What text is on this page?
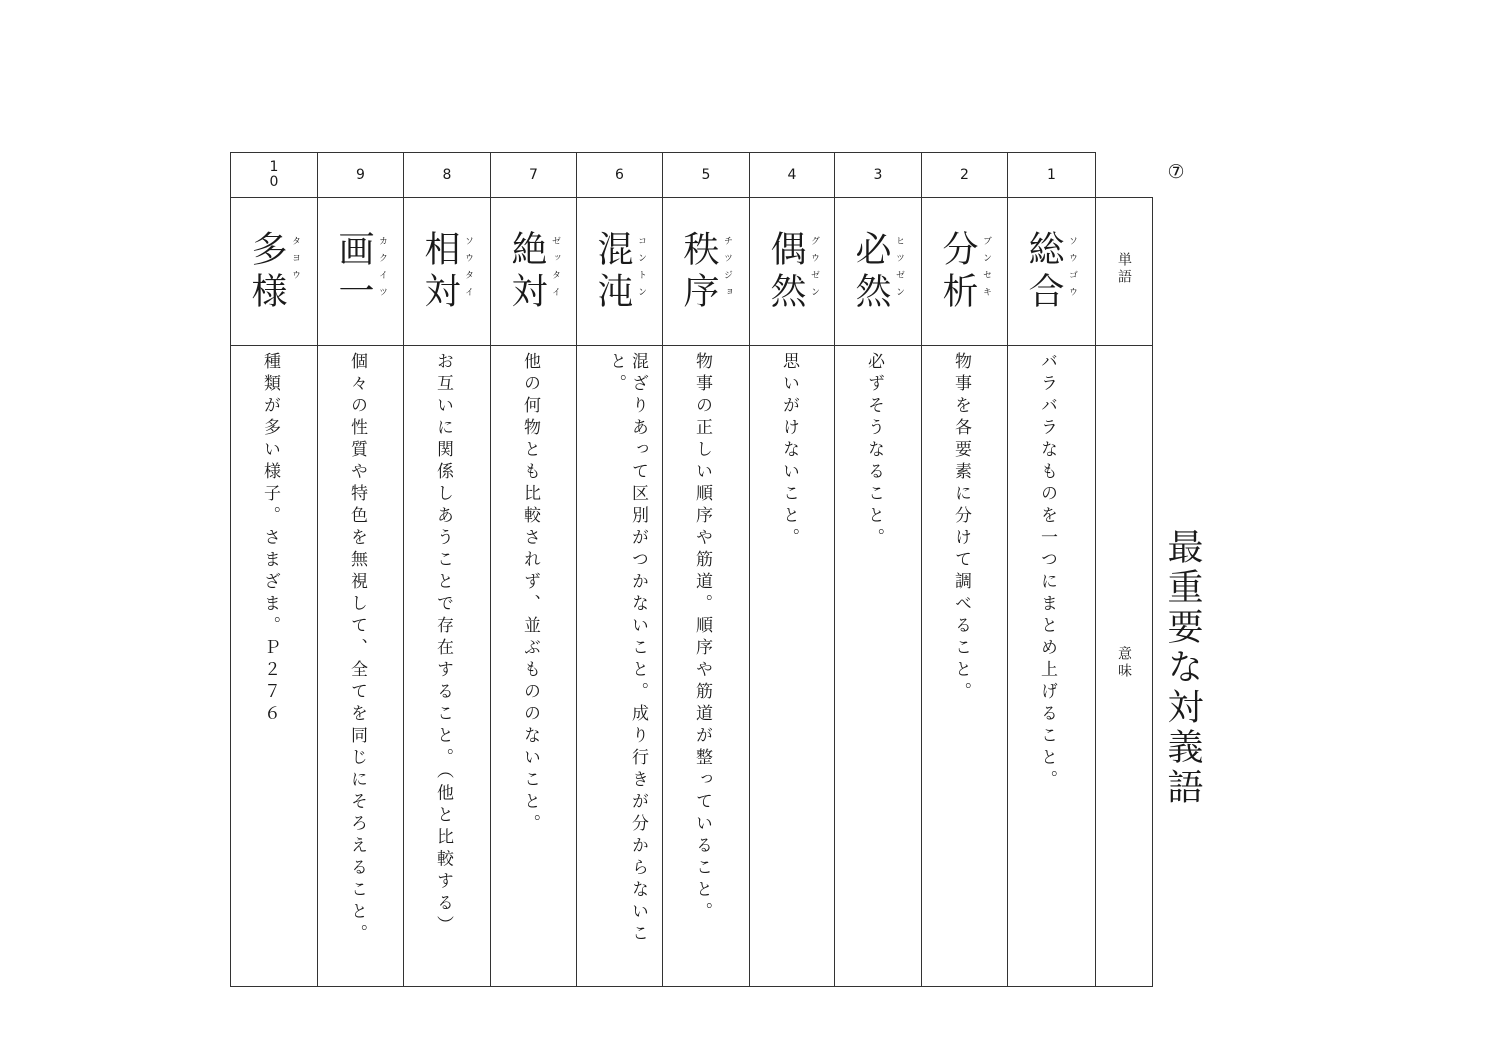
⑦
10	9	8	7	6	5	4	3	2	1	

多様 タヨウ	画一 カクイツ	相対 ソウタイ	絶対 ゼッタイ	混沌 コントン	秩序 チツジョ	偶然 グウゼン	必然 ヒツゼン	分析 ブンセキ	総合 ソウゴウ	単語

種類が多い様子。さまざま。Ｐ２７６	個々の性質や特色を無視して、全てを同じにそろえること。	お互いに関係しあうことで存在すること。（他と比較する）	他の何物とも比較されず、並ぶもののないこと。	混ざりあって区別がつかないこと。成り行きが分からないこと。	物事の正しい順序や筋道。順序や筋道が整っていること。	思いがけないこと。	必ずそうなること。	物事を各要素に分けて調べること。	バラバラなものを一つにまとめ上げること。	意味 最重要な対義語
